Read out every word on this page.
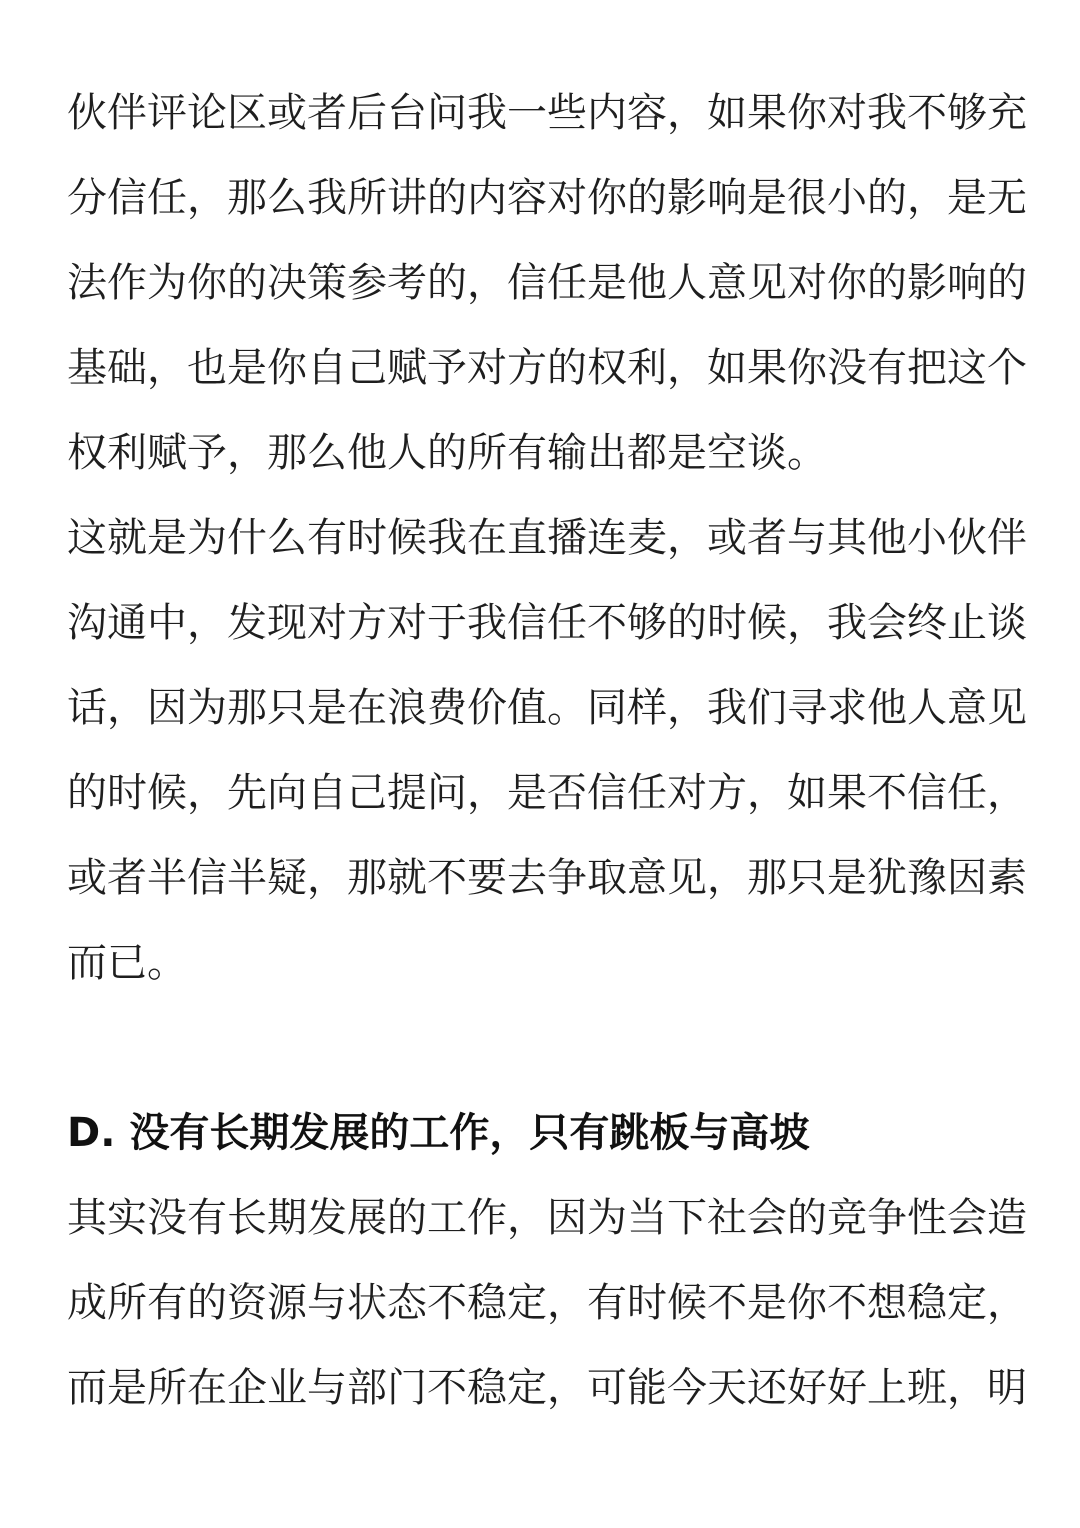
伙伴评论区或者后台问我一些内容，如果你对我不够充
分信任，那么我所讲的内容对你的影响是很小的，是无
法作为你的决策参考的，信任是他人意见对你的影响的
基础，也是你自己赋予对方的权利，如果你没有把这个
权利赋予，那么他人的所有输出都是空谈。
这就是为什么有时候我在直播连麦，或者与其他小伙伴
沟通中，发现对方对于我信任不够的时候，我会终止谈
话，因为那只是在浪费价值。同样，我们寻求他人意见
的时候，先向自己提问，是否信任对方，如果不信任，
或者半信半疑，那就不要去争取意见，那只是犹豫因素
而已。
D. 没有长期发展的工作，只有跳板与高坡
其实没有长期发展的工作，因为当下社会的竞争性会造
成所有的资源与状态不稳定，有时候不是你不想稳定，
而是所在企业与部门不稳定，可能今天还好好上班，明
